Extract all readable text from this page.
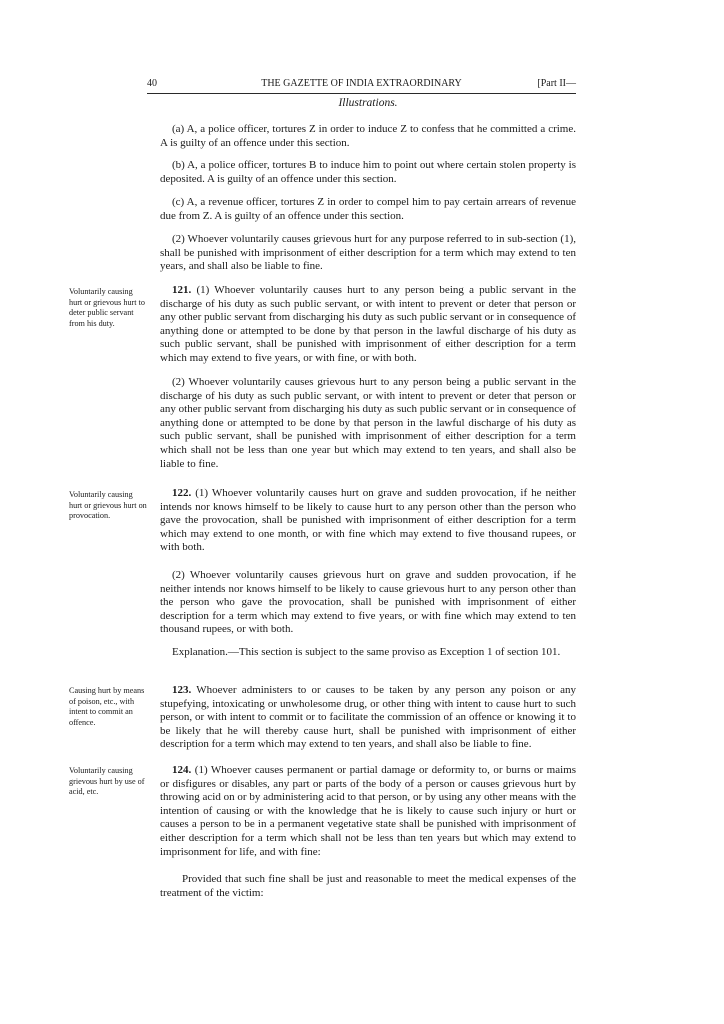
40	THE GAZETTE OF INDIA EXTRAORDINARY	[Part II—
Illustrations.
(a) A, a police officer, tortures Z in order to induce Z to confess that he committed a crime. A is guilty of an offence under this section.
(b) A, a police officer, tortures B to induce him to point out where certain stolen property is deposited. A is guilty of an offence under this section.
(c) A, a revenue officer, tortures Z in order to compel him to pay certain arrears of revenue due from Z. A is guilty of an offence under this section.
(2) Whoever voluntarily causes grievous hurt for any purpose referred to in sub-section (1), shall be punished with imprisonment of either description for a term which may extend to ten years, and shall also be liable to fine.
Voluntarily causing hurt or grievous hurt to deter public servant from his duty.
121. (1) Whoever voluntarily causes hurt to any person being a public servant in the discharge of his duty as such public servant, or with intent to prevent or deter that person or any other public servant from discharging his duty as such public servant or in consequence of anything done or attempted to be done by that person in the lawful discharge of his duty as such public servant, shall be punished with imprisonment of either description for a term which may extend to five years, or with fine, or with both.
(2) Whoever voluntarily causes grievous hurt to any person being a public servant in the discharge of his duty as such public servant, or with intent to prevent or deter that person or any other public servant from discharging his duty as such public servant or in consequence of anything done or attempted to be done by that person in the lawful discharge of his duty as such public servant, shall be punished with imprisonment of either description for a term which shall not be less than one year but which may extend to ten years, and shall also be liable to fine.
Voluntarily causing hurt or grievous hurt on provocation.
122. (1) Whoever voluntarily causes hurt on grave and sudden provocation, if he neither intends nor knows himself to be likely to cause hurt to any person other than the person who gave the provocation, shall be punished with imprisonment of either description for a term which may extend to one month, or with fine which may extend to five thousand rupees, or with both.
(2) Whoever voluntarily causes grievous hurt on grave and sudden provocation, if he neither intends nor knows himself to be likely to cause grievous hurt to any person other than the person who gave the provocation, shall be punished with imprisonment of either description for a term which may extend to five years, or with fine which may extend to ten thousand rupees, or with both.
Explanation.—This section is subject to the same proviso as Exception 1 of section 101.
Causing hurt by means of poison, etc., with intent to commit an offence.
123. Whoever administers to or causes to be taken by any person any poison or any stupefying, intoxicating or unwholesome drug, or other thing with intent to cause hurt to such person, or with intent to commit or to facilitate the commission of an offence or knowing it to be likely that he will thereby cause hurt, shall be punished with imprisonment of either description for a term which may extend to ten years, and shall also be liable to fine.
Voluntarily causing grievous hurt by use of acid, etc.
124. (1) Whoever causes permanent or partial damage or deformity to, or burns or maims or disfigures or disables, any part or parts of the body of a person or causes grievous hurt by throwing acid on or by administering acid to that person, or by using any other means with the intention of causing or with the knowledge that he is likely to cause such injury or hurt or causes a person to be in a permanent vegetative state shall be punished with imprisonment of either description for a term which shall not be less than ten years but which may extend to imprisonment for life, and with fine:
Provided that such fine shall be just and reasonable to meet the medical expenses of the treatment of the victim:
